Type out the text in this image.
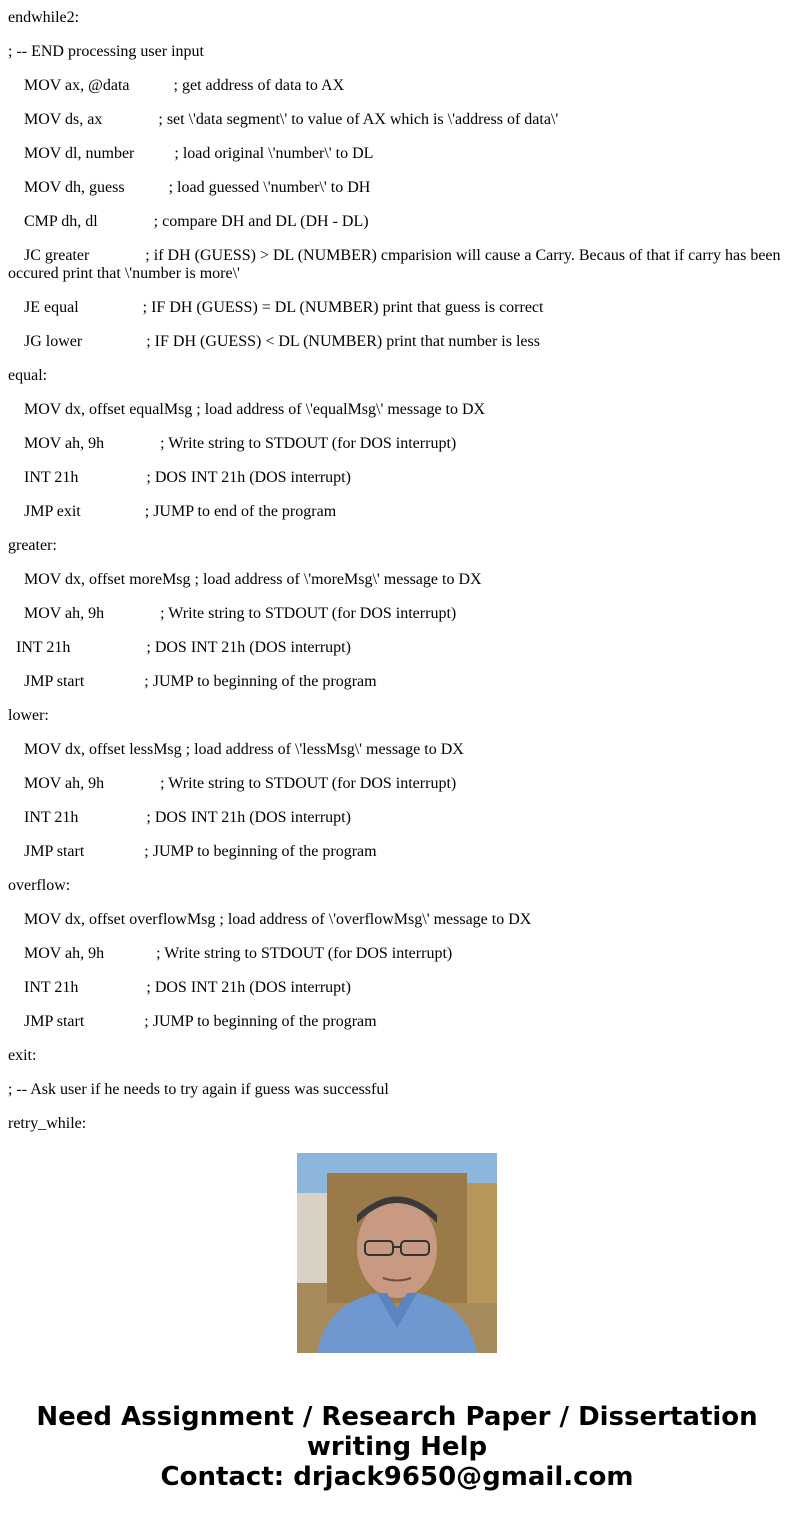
endwhile2:
; -- END processing user input
MOV ax, @data           ; get address of data to AX
MOV ds, ax              ; set \'data segment\' to value of AX which is \'address of data\'
MOV dl, number          ; load original \'number\' to DL
MOV dh, guess           ; load guessed \'number\' to DH
CMP dh, dl              ; compare DH and DL (DH - DL)
JC greater              ; if DH (GUESS) > DL (NUMBER) cmparision will cause a Carry. Becaus of that if carry has been occured print that \'number is more\'
JE equal                ; IF DH (GUESS) = DL (NUMBER) print that guess is correct
JG lower                ; IF DH (GUESS) < DL (NUMBER) print that number is less
equal:
MOV dx, offset equalMsg ; load address of \'equalMsg\' message to DX
MOV ah, 9h              ; Write string to STDOUT (for DOS interrupt)
INT 21h                 ; DOS INT 21h (DOS interrupt)
JMP exit                ; JUMP to end of the program
greater:
MOV dx, offset moreMsg ; load address of \'moreMsg\' message to DX
MOV ah, 9h              ; Write string to STDOUT (for DOS interrupt)
INT 21h                   ; DOS INT 21h (DOS interrupt)
JMP start               ; JUMP to beginning of the program
lower:
MOV dx, offset lessMsg ; load address of \'lessMsg\' message to DX
MOV ah, 9h              ; Write string to STDOUT (for DOS interrupt)
INT 21h                 ; DOS INT 21h (DOS interrupt)
JMP start               ; JUMP to beginning of the program
overflow:
MOV dx, offset overflowMsg ; load address of \'overflowMsg\' message to DX
MOV ah, 9h             ; Write string to STDOUT (for DOS interrupt)
INT 21h                 ; DOS INT 21h (DOS interrupt)
JMP start               ; JUMP to beginning of the program
exit:
; -- Ask user if he needs to try again if guess was successful
retry_while:
Need Assignment / Research Paper / Dissertation
writing Help
Contact: drjack9650@gmail.com
